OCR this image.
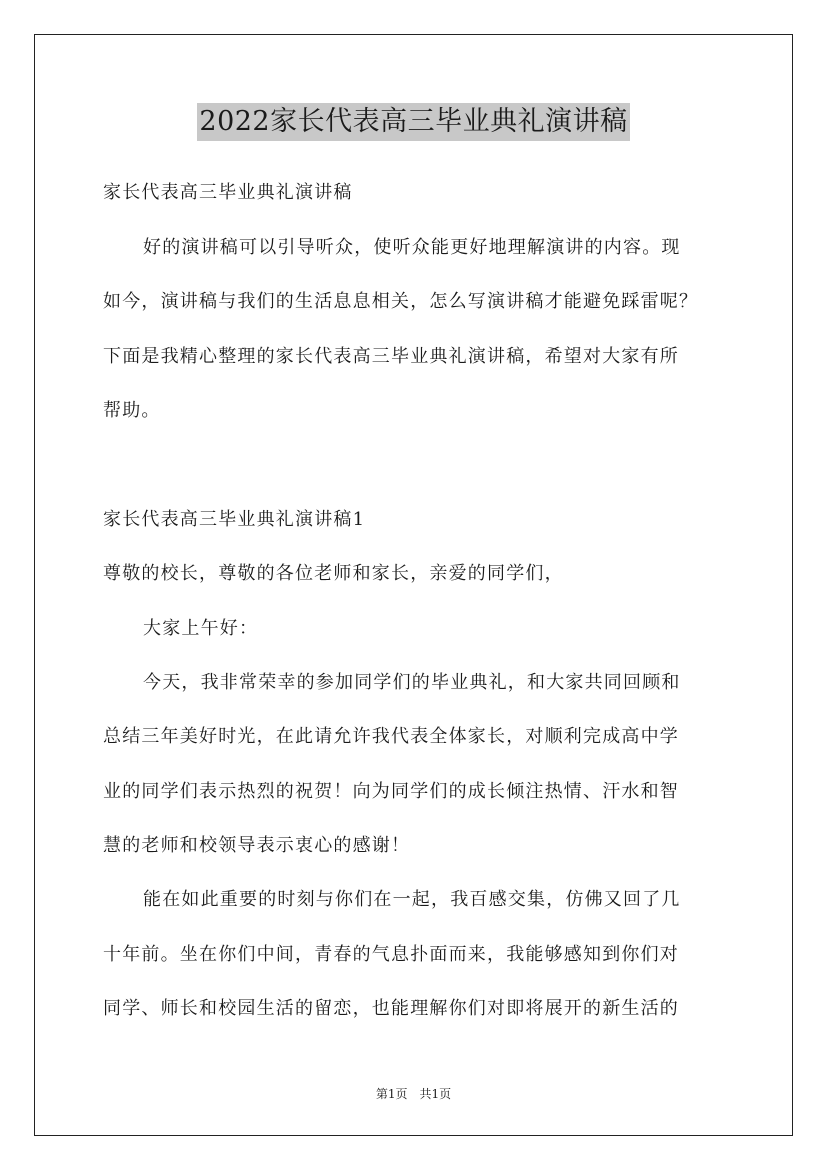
2022家长代表高三毕业典礼演讲稿
家长代表高三毕业典礼演讲稿
好的演讲稿可以引导听众，使听众能更好地理解演讲的内容。现
如今，演讲稿与我们的生活息息相关，怎么写演讲稿才能避免踩雷呢？
下面是我精心整理的家长代表高三毕业典礼演讲稿，希望对大家有所
帮助。
家长代表高三毕业典礼演讲稿1
尊敬的校长，尊敬的各位老师和家长，亲爱的同学们，
大家上午好：
今天，我非常荣幸的参加同学们的毕业典礼，和大家共同回顾和
总结三年美好时光，在此请允许我代表全体家长，对顺利完成高中学
业的同学们表示热烈的祝贺！向为同学们的成长倾注热情、汗水和智
慧的老师和校领导表示衷心的感谢！
能在如此重要的时刻与你们在一起，我百感交集，仿佛又回了几
十年前。坐在你们中间，青春的气息扑面而来，我能够感知到你们对
同学、师长和校园生活的留恋，也能理解你们对即将展开的新生活的
第1页　共1页
